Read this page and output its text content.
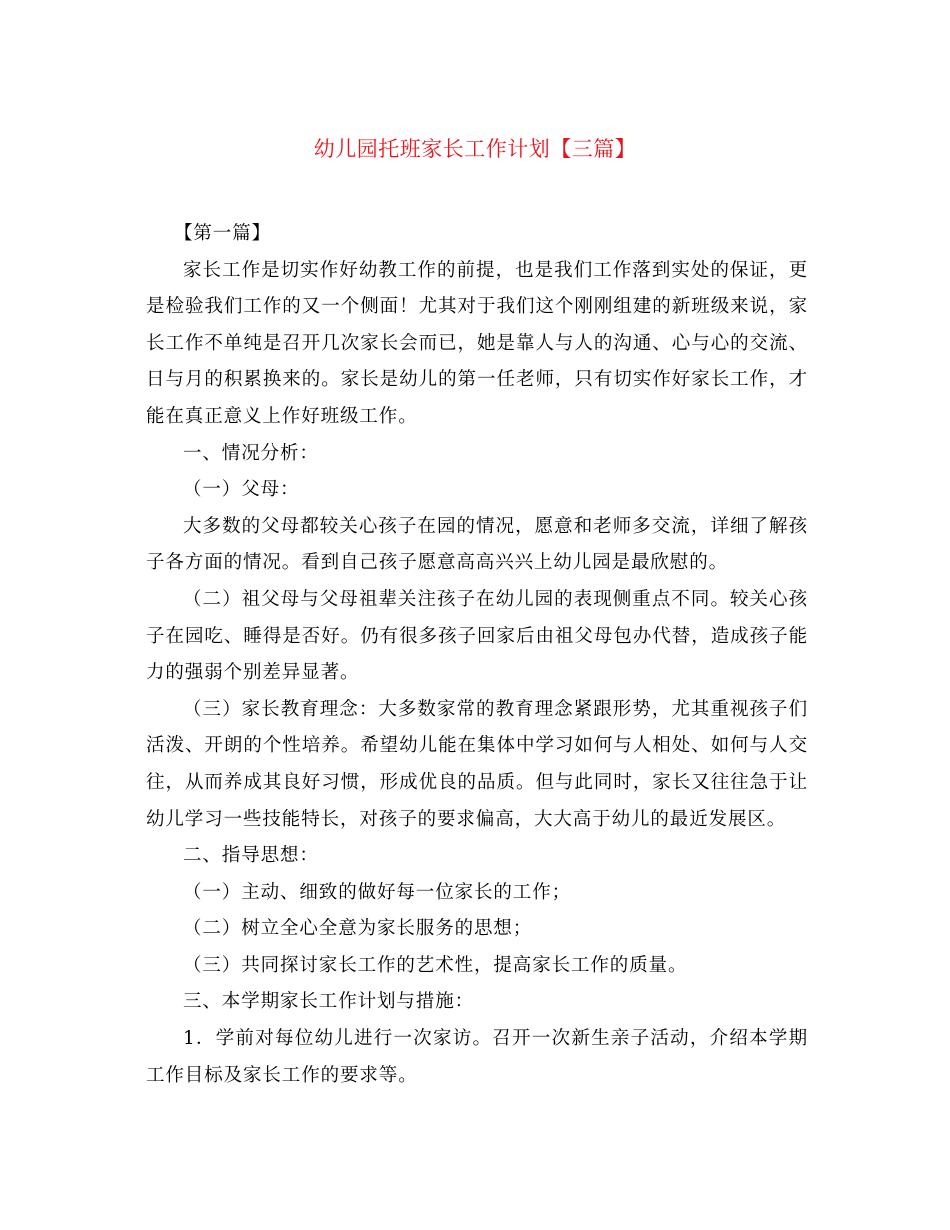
幼儿园托班家长工作计划【三篇】

【第一篇】

家长工作是切实作好幼教工作的前提，也是我们工作落到实处的保证，更是检验我们工作的又一个侧面！尤其对于我们这个刚刚组建的新班级来说，家长工作不单纯是召开几次家长会而已，她是靠人与人的沟通、心与心的交流、日与月的积累换来的。家长是幼儿的第一任老师，只有切实作好家长工作，才能在真正意义上作好班级工作。

一、情况分析：

（一）父母：

大多数的父母都较关心孩子在园的情况，愿意和老师多交流，详细了解孩子各方面的情况。看到自己孩子愿意高高兴兴上幼儿园是最欣慰的。

（二）祖父母与父母祖辈关注孩子在幼儿园的表现侧重点不同。较关心孩子在园吃、睡得是否好。仍有很多孩子回家后由祖父母包办代替，造成孩子能力的强弱个别差异显著。

（三）家长教育理念：大多数家常的教育理念紧跟形势，尤其重视孩子们活泼、开朗的个性培养。希望幼儿能在集体中学习如何与人相处、如何与人交往，从而养成其良好习惯，形成优良的品质。但与此同时，家长又往往急于让幼儿学习一些技能特长，对孩子的要求偏高，大大高于幼儿的最近发展区。

二、指导思想：

（一）主动、细致的做好每一位家长的工作；

（二）树立全心全意为家长服务的思想；

（三）共同探讨家长工作的艺术性，提高家长工作的质量。

三、本学期家长工作计划与措施：

1．学前对每位幼儿进行一次家访。召开一次新生亲子活动，介绍本学期工作目标及家长工作的要求等。
